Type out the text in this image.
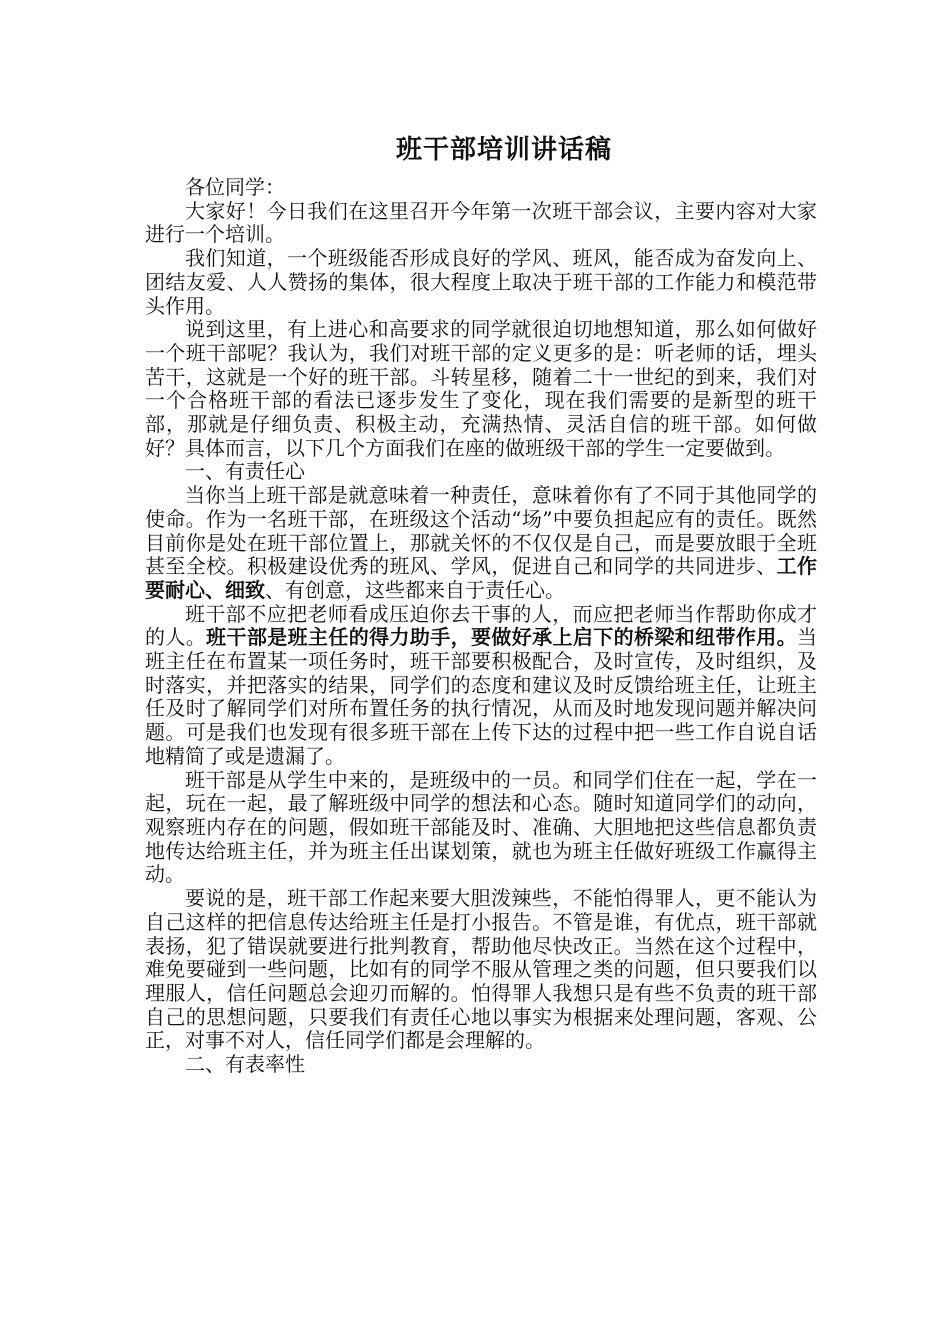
班干部培训讲话稿

各位同学：

大家好！今日我们在这里召开今年第一次班干部会议，主要内容对大家进行一个培训。

我们知道，一个班级能否形成良好的学风、班风，能否成为奋发向上、团结友爱、人人赞扬的集体，很大程度上取决于班干部的工作能力和模范带头作用。

说到这里，有上进心和高要求的同学就很迫切地想知道，那么如何做好一个班干部呢？我认为，我们对班干部的定义更多的是：听老师的话，埋头苦干，这就是一个好的班干部。斗转星移，随着二十一世纪的到来，我们对一个合格班干部的看法已逐步发生了变化，现在我们需要的是新型的班干部，那就是仔细负责、积极主动，充满热情、灵活自信的班干部。如何做好？具体而言，以下几个方面我们在座的做班级干部的学生一定要做到。

一、有责任心

当你当上班干部是就意味着一种责任，意味着你有了不同于其他同学的使命。作为一名班干部，在班级这个活动“场”中要负担起应有的责任。既然目前你是处在班干部位置上，那就关怀的不仅仅是自己，而是要放眼于全班甚至全校。积极建设优秀的班风、学风，促进自己和同学的共同进步、工作要耐心、细致、有创意，这些都来自于责任心。

班干部不应把老师看成压迫你去干事的人，而应把老师当作帮助你成才的人。班干部是班主任的得力助手，要做好承上启下的桥梁和纽带作用。当班主任在布置某一项任务时，班干部要积极配合，及时宣传，及时组织，及时落实，并把落实的结果，同学们的态度和建议及时反馈给班主任，让班主任及时了解同学们对所布置任务的执行情况，从而及时地发现问题并解决问题。可是我们也发现有很多班干部在上传下达的过程中把一些工作自说自话地精简了或是遗漏了。

班干部是从学生中来的，是班级中的一员。和同学们住在一起，学在一起，玩在一起，最了解班级中同学的想法和心态。随时知道同学们的动向，观察班内存在的问题，假如班干部能及时、准确、大胆地把这些信息都负责地传达给班主任，并为班主任出谋划策，就也为班主任做好班级工作赢得主动。

要说的是，班干部工作起来要大胆泼辣些，不能怕得罪人，更不能认为自己这样的把信息传达给班主任是打小报告。不管是谁，有优点，班干部就表扬，犯了错误就要进行批判教育，帮助他尽快改正。当然在这个过程中，难免要碰到一些问题，比如有的同学不服从管理之类的问题，但只要我们以理服人，信任问题总会迎刃而解的。怕得罪人我想只是有些不负责的班干部自己的思想问题，只要我们有责任心地以事实为根据来处理问题，客观、公正，对事不对人，信任同学们都是会理解的。

二、有表率性
